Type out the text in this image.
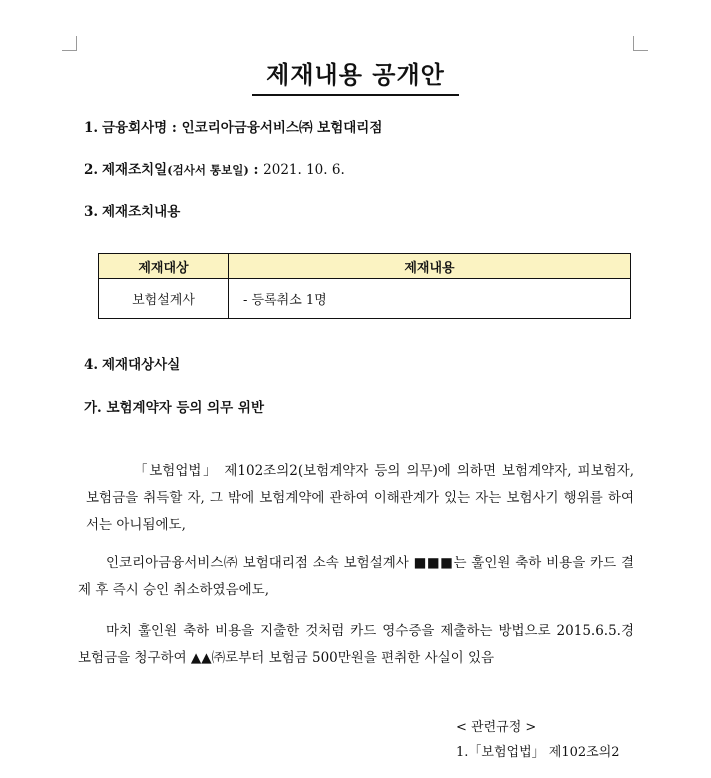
제재내용 공개안
1. 금융회사명 : 인코리아금융서비스㈜ 보험대리점
2. 제재조치일(검사서 통보일) : 2021. 10. 6.
3. 제재조치내용
제재대상	제재내용
보험설계사	- 등록취소 1명
4. 제재대상사실
가. 보험계약자 등의 의무 위반

「보험업법」 제102조의2(보험계약자 등의 의무)에 의하면 보험계약자, 피보험자, 보험금을 취득할 자, 그 밖에 보험계약에 관하여 이해관계가 있는 자는 보험사기 행위를 하여서는 아니됨에도,

인코리아금융서비스㈜ 보험대리점 소속 보험설계사 ■■■는 훌인원 축하 비용을 카드 결제 후 즉시 승인 취소하였음에도,

마치 훌인원 축하 비용을 지출한 것처럼 카드 영수증을 제출하는 방법으로 2015.6.5.경 보험금을 청구하여 ▲▲㈜로부터 보험금 500만원을 편취한 사실이 있음

< 관련규정 >
1.「보험업법」 제102조의2
